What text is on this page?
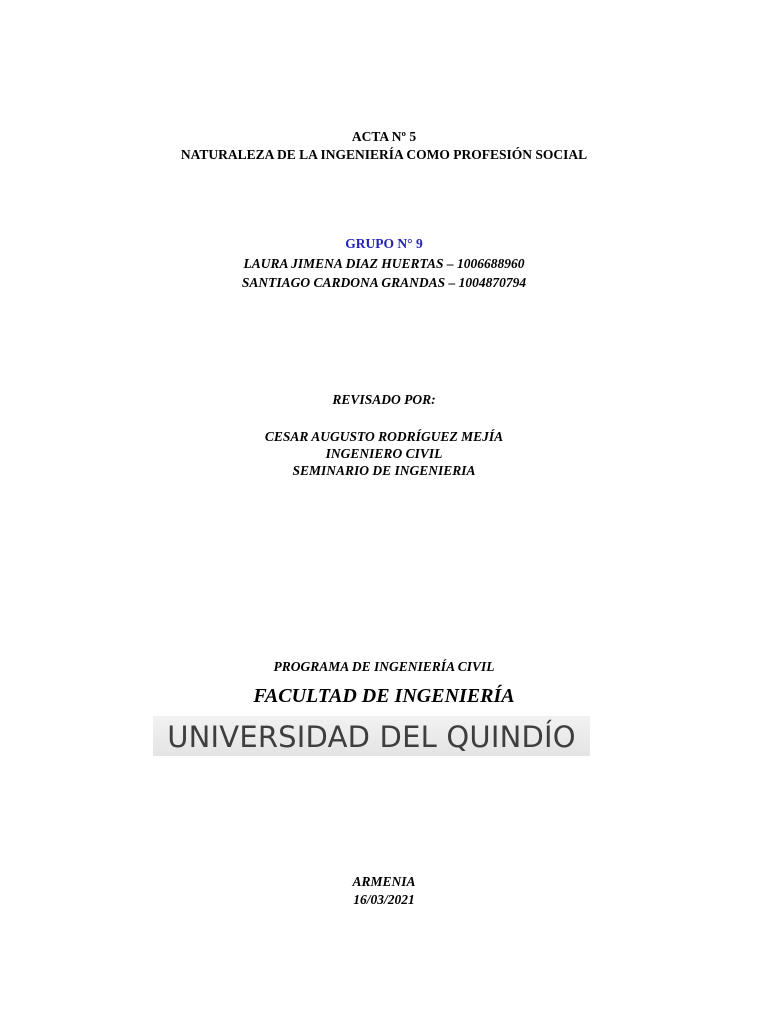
ACTA Nº 5

NATURALEZA DE LA INGENIERÍA COMO PROFESIÓN SOCIAL

GRUPO N° 9

LAURA JIMENA DIAZ HUERTAS – 1006688960

SANTIAGO CARDONA GRANDAS – 1004870794

REVISADO POR:

CESAR AUGUSTO RODRÍGUEZ MEJÍA

INGENIERO CIVIL

SEMINARIO DE INGENIERIA

PROGRAMA DE INGENIERÍA CIVIL

FACULTAD DE INGENIERÍA

UNIVERSIDAD DEL QUINDÍO

ARMENIA

16/03/2021
